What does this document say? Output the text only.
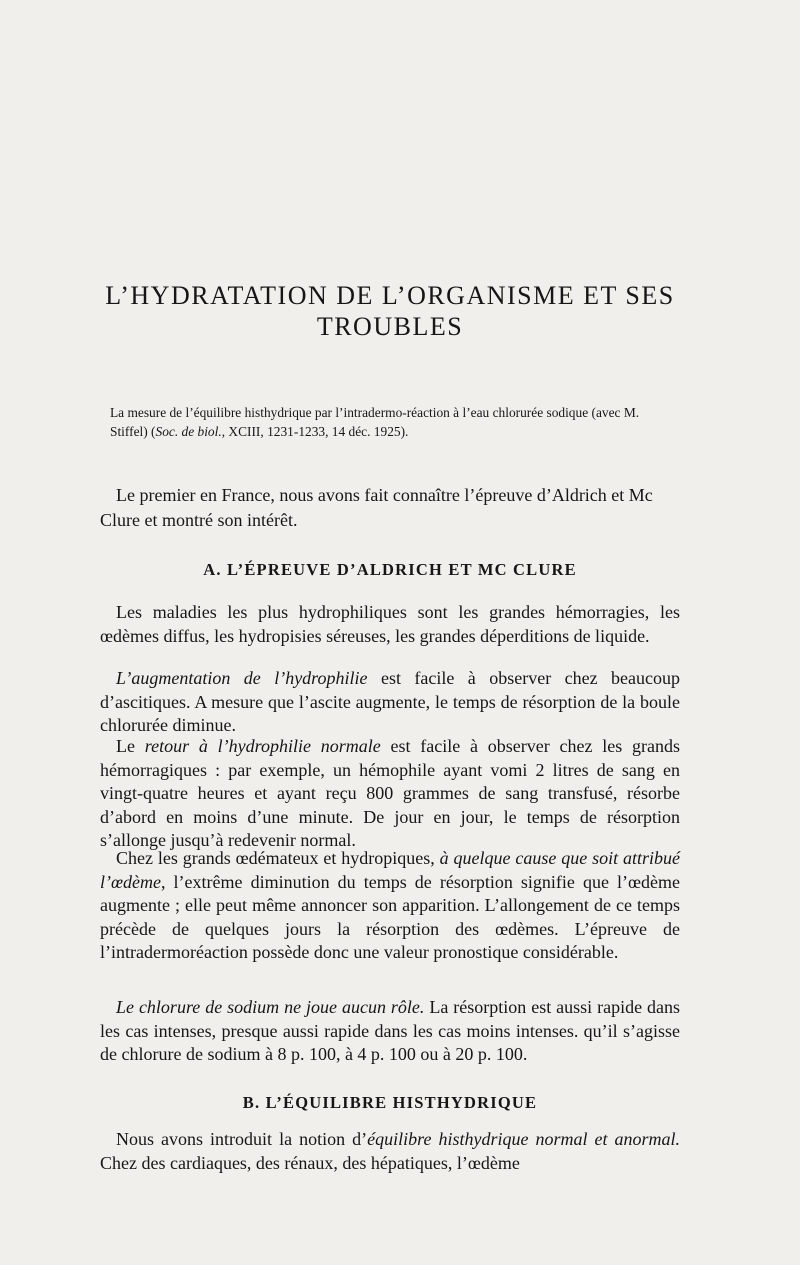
L’HYDRATATION DE L’ORGANISME ET SES TROUBLES

La mesure de l’équilibre histhydrique par l’intradermo-réaction à l’eau chlorurée sodique (avec M. Stiffel) (Soc. de biol., XCIII, 1231-1233, 14 déc. 1925).

Le premier en France, nous avons fait connaître l’épreuve d’Aldrich et Mc Clure et montré son intérêt.

A. L’ÉPREUVE D’ALDRICH ET MC CLURE

Les maladies les plus hydrophiliques sont les grandes hémorragies, les œdèmes diffus, les hydropisies séreuses, les grandes déperditions de liquide.

L’augmentation de l’hydrophilie est facile à observer chez beaucoup d’ascitiques. A mesure que l’ascite augmente, le temps de résorption de la boule chlorurée diminue.

Le retour à l’hydrophilie normale est facile à observer chez les grands hémorragiques : par exemple, un hémophile ayant vomi 2 litres de sang en vingt-quatre heures et ayant reçu 800 grammes de sang transfusé, résorbe d’abord en moins d’une minute. De jour en jour, le temps de résorption s’allonge jusqu’à redevenir normal.

Chez les grands œdémateux et hydropiques, à quelque cause que soit attribué l’œdème, l’extrême diminution du temps de résorption signifie que l’œdème augmente ; elle peut même annoncer son apparition. L’allongement de ce temps précède de quelques jours la résorption des œdèmes. L’épreuve de l’intradermoréaction possède donc une valeur pronostique considérable.

Le chlorure de sodium ne joue aucun rôle. La résorption est aussi rapide dans les cas intenses, presque aussi rapide dans les cas moins intenses. qu’il s’agisse de chlorure de sodium à 8 p. 100, à 4 p. 100 ou à 20 p. 100.

B. L’ÉQUILIBRE HISTHYDRIQUE

Nous avons introduit la notion d’équilibre histhydrique normal et anormal. Chez des cardiaques, des rénaux, des hépatiques, l’œdème
